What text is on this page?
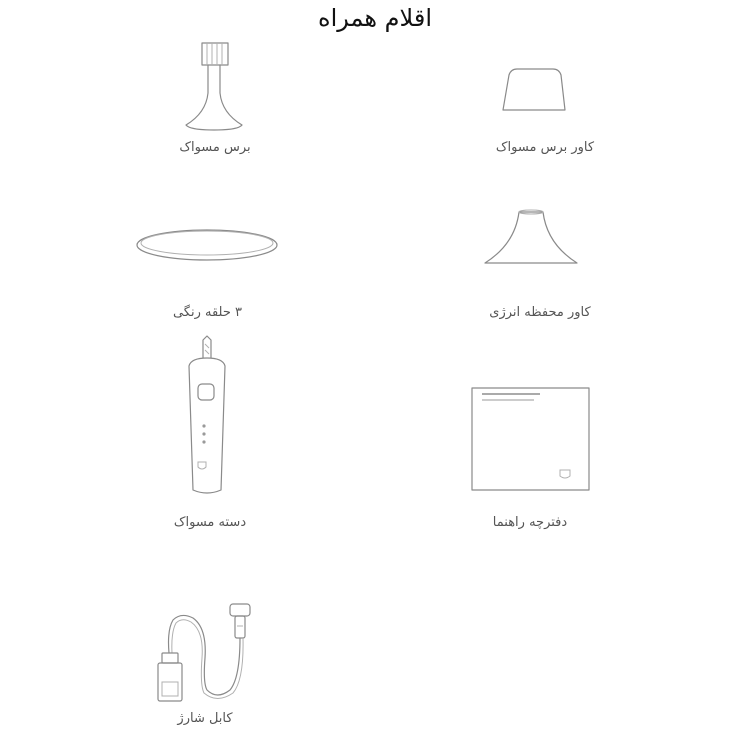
اقلام همراه
برس مسواک	کاور برس مسواک
۳ حلقه رنگی	کاور محفظه انرژی
دسته مسواک	دفترچه راهنما
کابل شارژ
